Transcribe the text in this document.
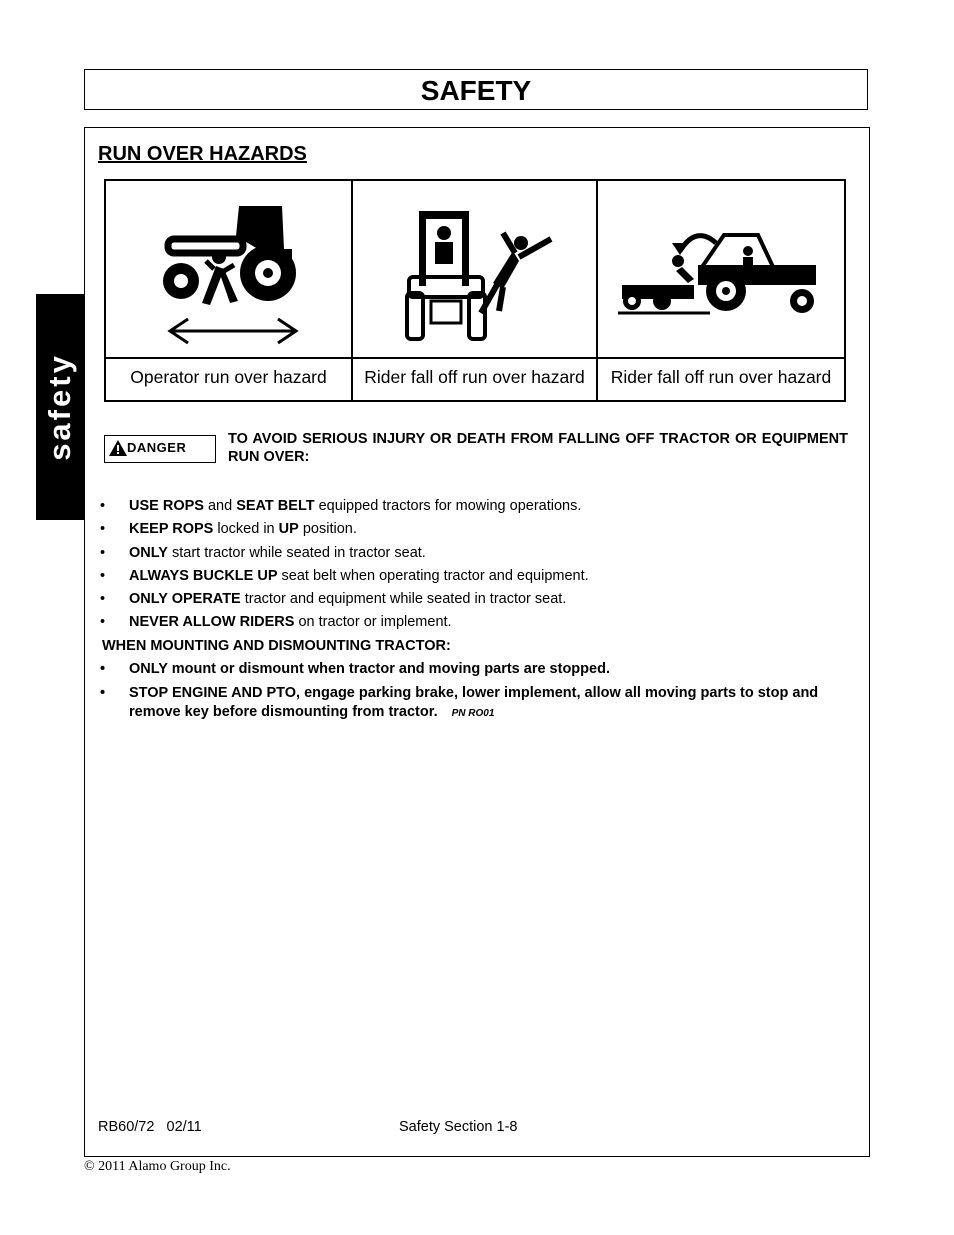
SAFETY
safety
RUN OVER HAZARDS
Operator run over hazard	Rider fall off run over hazard	Rider fall off run over hazard
DANGER
TO AVOID SERIOUS INJURY OR DEATH FROM FALLING OFF TRACTOR OR EQUIPMENT RUN OVER:
• USE ROPS and SEAT BELT equipped tractors for mowing operations.
• KEEP ROPS locked in UP position.
• ONLY start tractor while seated in tractor seat.
• ALWAYS BUCKLE UP seat belt when operating tractor and equipment.
• ONLY OPERATE tractor and equipment while seated in tractor seat.
• NEVER ALLOW RIDERS on tractor or implement.
WHEN MOUNTING AND DISMOUNTING TRACTOR:
• ONLY mount or dismount when tractor and moving parts are stopped.
• STOP ENGINE AND PTO, engage parking brake, lower implement, allow all moving parts to stop and remove key before dismounting from tractor. PN RO01
RB60/72   02/11	Safety Section 1-8
© 2011 Alamo Group Inc.
